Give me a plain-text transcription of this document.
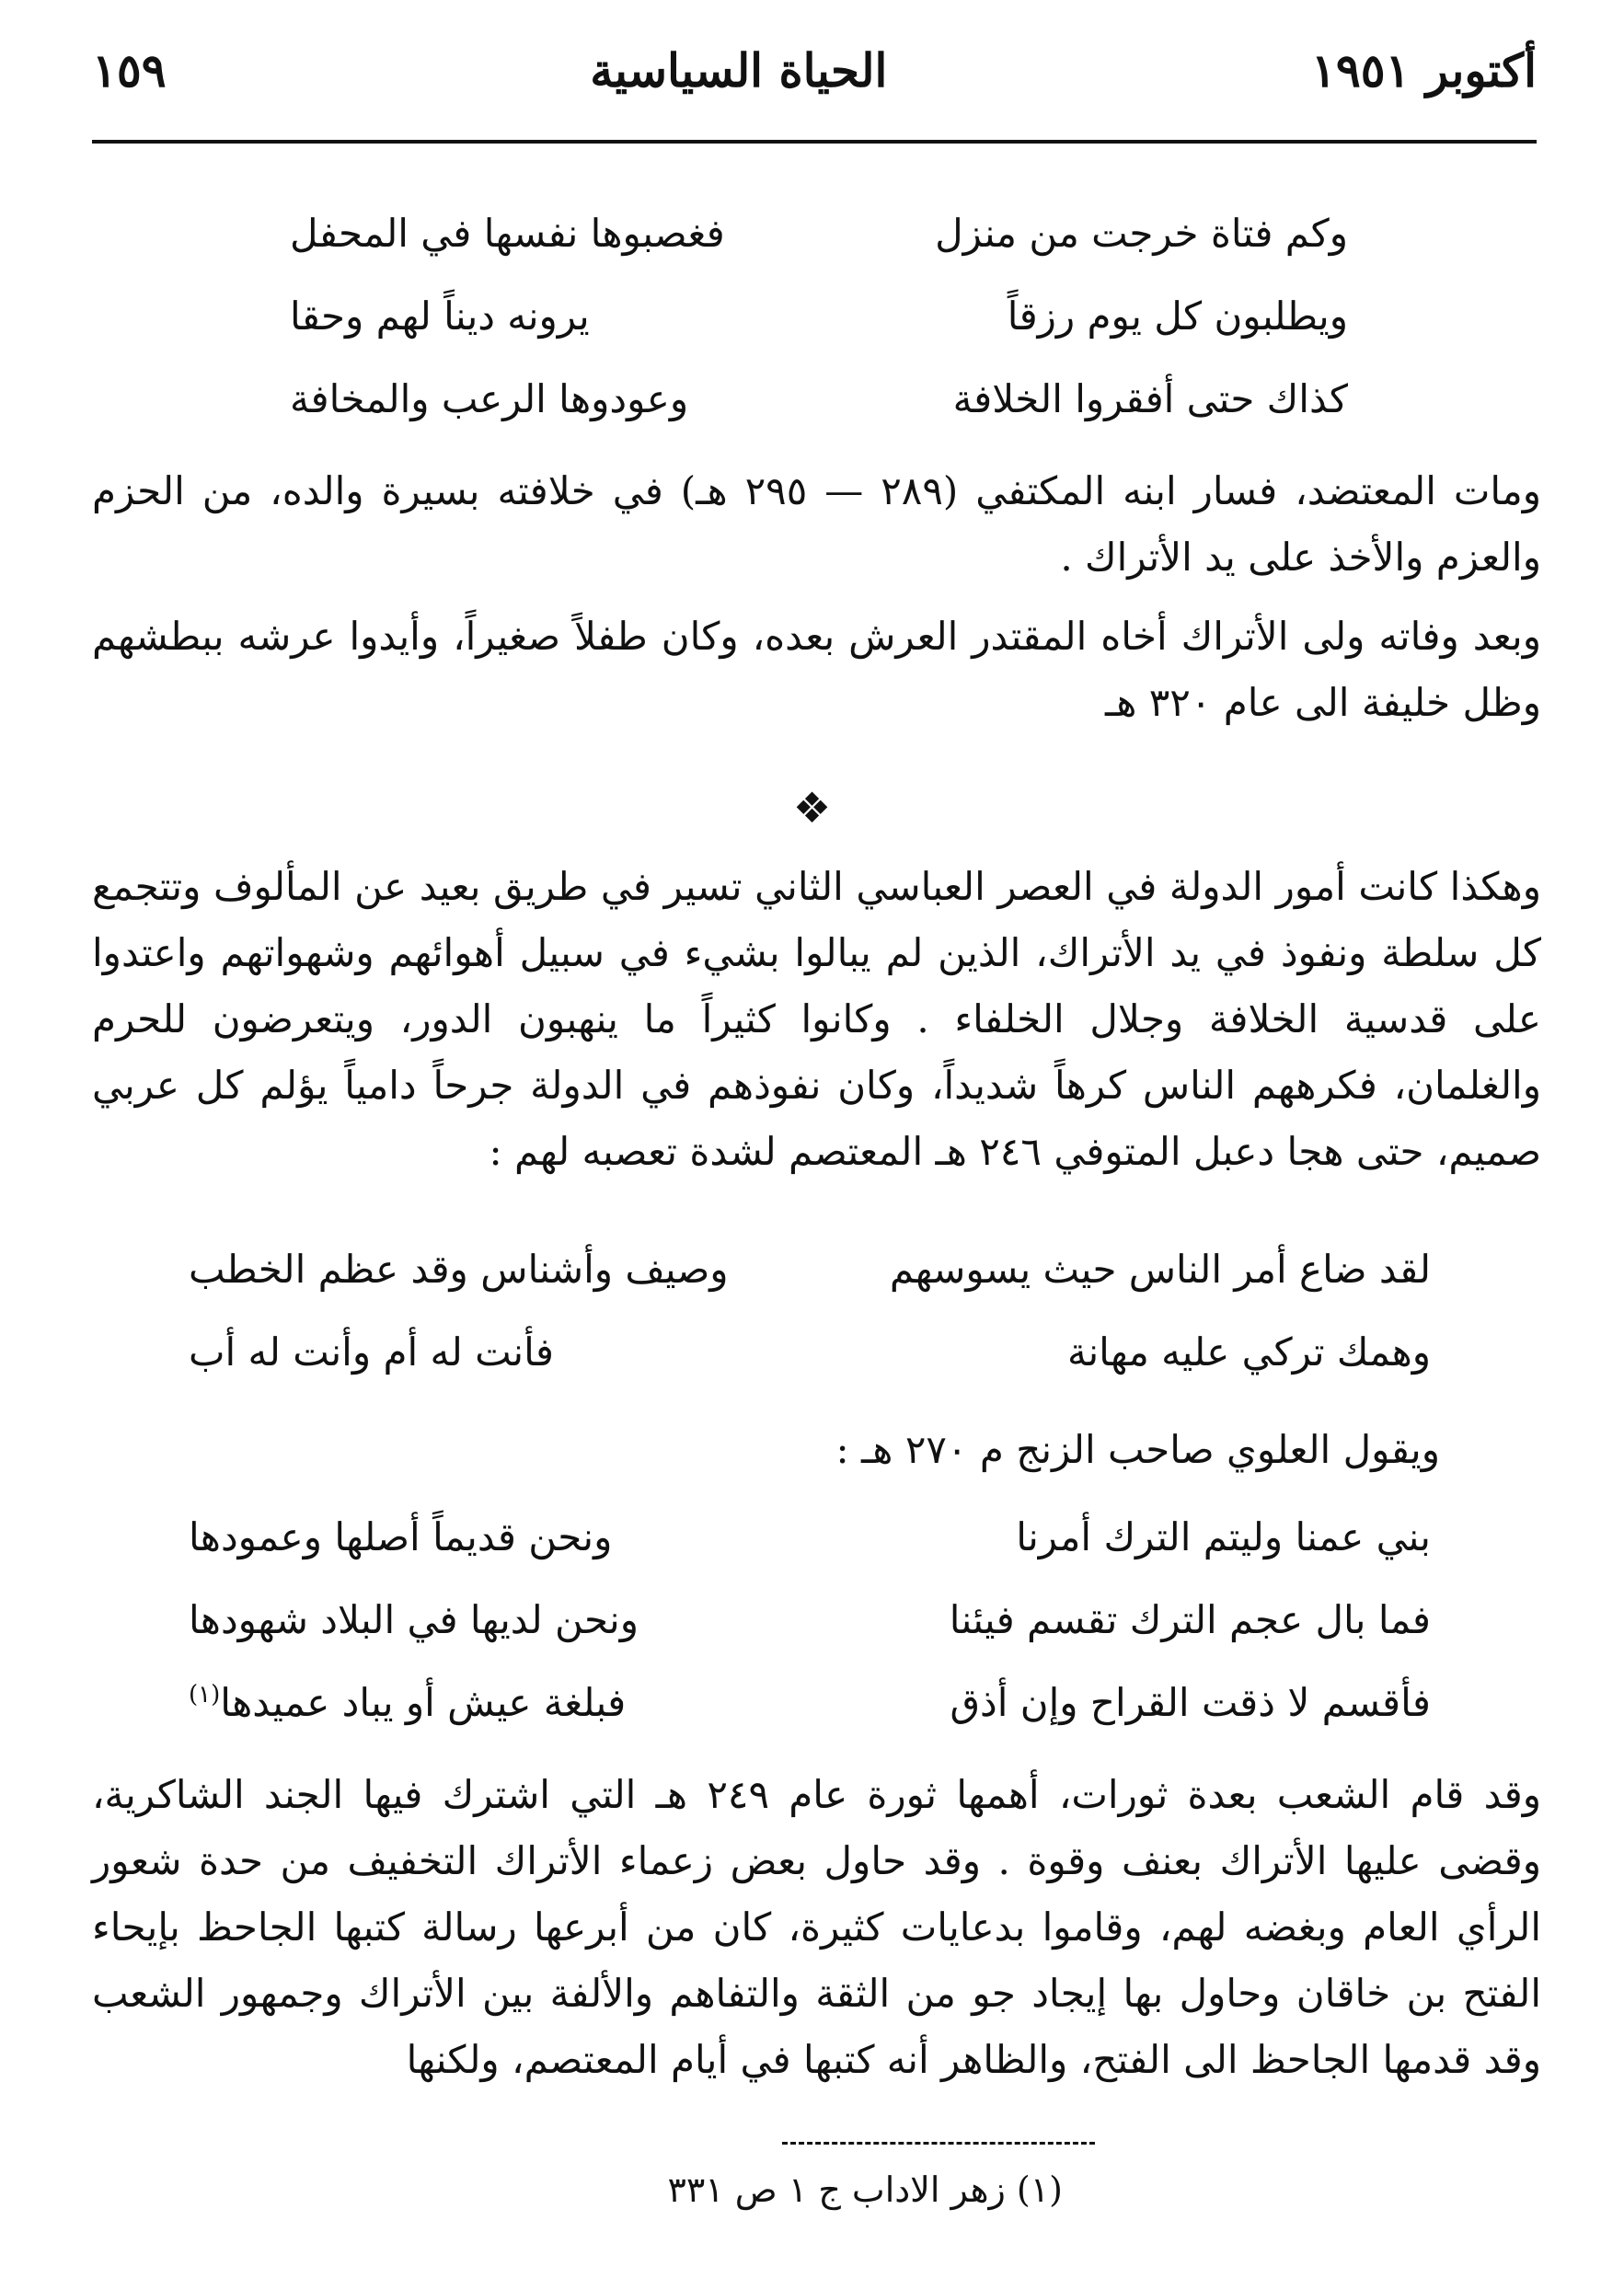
أكتوبر ١٩٥١
الحياة السياسية
١٥٩
وكم فتاة خرجت من منزل
فغصبوها نفسها في المحفل
ويطلبون كل يوم رزقاً
يرونه ديناً لهم وحقا
كذاك حتى أفقروا الخلافة
وعودوها الرعب والمخافة

ومات المعتضد، فسار ابنه المكتفي (٢٨٩ — ٢٩٥ هـ) في خلافته بسيرة والده، من الحزم والعزم والأخذ على يد الأتراك .

وبعد وفاته ولى الأتراك أخاه المقتدر العرش بعده، وكان طفلاً صغيراً، وأيدوا عرشه ببطشهم وظل خليفة الى عام ٣٢٠ هـ

❖

وهكذا كانت أمور الدولة في العصر العباسي الثاني تسير في طريق بعيد عن المألوف وتتجمع كل سلطة ونفوذ في يد الأتراك، الذين لم يبالوا بشيء في سبيل أهوائهم وشهواتهم واعتدوا على قدسية الخلافة وجلال الخلفاء . وكانوا كثيراً ما ينهبون الدور، ويتعرضون للحرم والغلمان، فكرههم الناس كرهاً شديداً، وكان نفوذهم في الدولة جرحاً دامياً يؤلم كل عربي صميم، حتى هجا دعبل المتوفي ٢٤٦ هـ المعتصم لشدة تعصبه لهم :

لقد ضاع أمر الناس حيث يسوسهم
وصيف وأشناس وقد عظم الخطب
وهمك تركي عليه مهانة
فأنت له أم وأنت له أب

ويقول العلوي صاحب الزنج م ٢٧٠ هـ :

بني عمنا وليتم الترك أمرنا
ونحن قديماً أصلها وعمودها
فما بال عجم الترك تقسم فيئنا
ونحن لديها في البلاد شهودها
فأقسم لا ذقت القراح وإن أذق
فبلغة عيش أو يباد عميدها$^{(١)}$

وقد قام الشعب بعدة ثورات، أهمها ثورة عام ٢٤٩ هـ التي اشترك فيها الجند الشاكرية، وقضى عليها الأتراك بعنف وقوة . وقد حاول بعض زعماء الأتراك التخفيف من حدة شعور الرأي العام وبغضه لهم، وقاموا بدعايات كثيرة، كان من أبرعها رسالة كتبها الجاحظ بإيحاء الفتح بن خاقان وحاول بها إيجاد جو من الثقة والتفاهم والألفة بين الأتراك وجمهور الشعب وقد قدمها الجاحظ الى الفتح، والظاهر أنه كتبها في أيام المعتصم، ولكنها

(١) زهر الاداب ج ١ ص ٣٣١
